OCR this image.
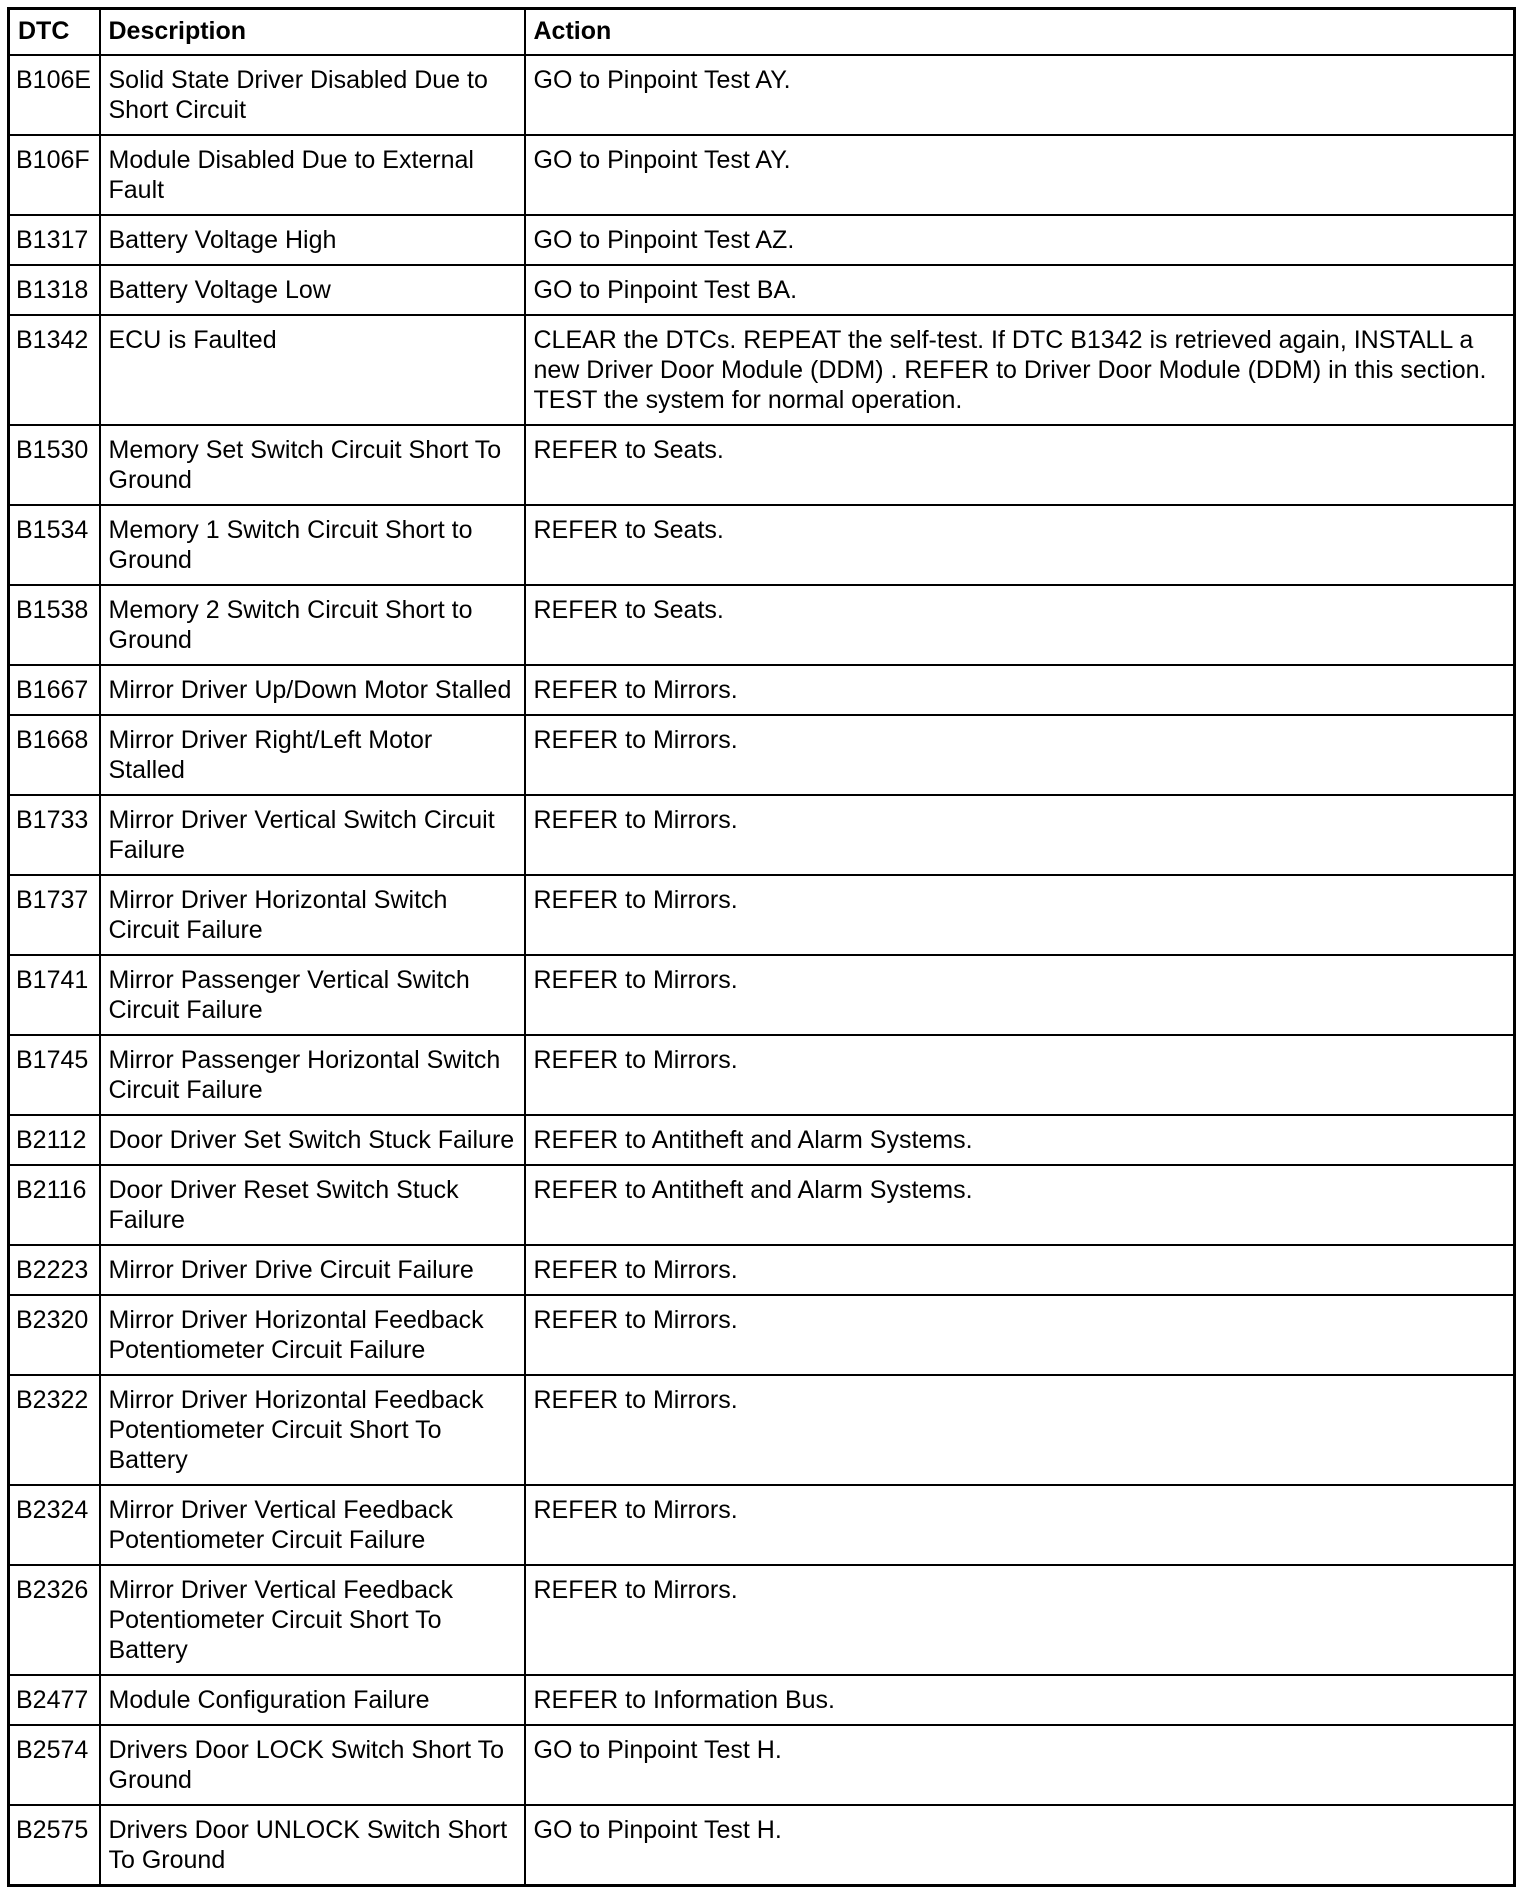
DTC	Description	Action
B106E	Solid State Driver Disabled Due to Short Circuit	GO to Pinpoint Test AY.
B106F	Module Disabled Due to External Fault	GO to Pinpoint Test AY.
B1317	Battery Voltage High	GO to Pinpoint Test AZ.
B1318	Battery Voltage Low	GO to Pinpoint Test BA.
B1342	ECU is Faulted	CLEAR the DTCs. REPEAT the self-test. If DTC B1342 is retrieved again, INSTALL a new Driver Door Module (DDM) . REFER to Driver Door Module (DDM) in this section. TEST the system for normal operation.
B1530	Memory Set Switch Circuit Short To Ground	REFER to Seats.
B1534	Memory 1 Switch Circuit Short to Ground	REFER to Seats.
B1538	Memory 2 Switch Circuit Short to Ground	REFER to Seats.
B1667	Mirror Driver Up/Down Motor Stalled	REFER to Mirrors.
B1668	Mirror Driver Right/Left Motor Stalled	REFER to Mirrors.
B1733	Mirror Driver Vertical Switch Circuit Failure	REFER to Mirrors.
B1737	Mirror Driver Horizontal Switch Circuit Failure	REFER to Mirrors.
B1741	Mirror Passenger Vertical Switch Circuit Failure	REFER to Mirrors.
B1745	Mirror Passenger Horizontal Switch Circuit Failure	REFER to Mirrors.
B2112	Door Driver Set Switch Stuck Failure	REFER to Antitheft and Alarm Systems.
B2116	Door Driver Reset Switch Stuck Failure	REFER to Antitheft and Alarm Systems.
B2223	Mirror Driver Drive Circuit Failure	REFER to Mirrors.
B2320	Mirror Driver Horizontal Feedback Potentiometer Circuit Failure	REFER to Mirrors.
B2322	Mirror Driver Horizontal Feedback Potentiometer Circuit Short To Battery	REFER to Mirrors.
B2324	Mirror Driver Vertical Feedback Potentiometer Circuit Failure	REFER to Mirrors.
B2326	Mirror Driver Vertical Feedback Potentiometer Circuit Short To Battery	REFER to Mirrors.
B2477	Module Configuration Failure	REFER to Information Bus.
B2574	Drivers Door LOCK Switch Short To Ground	GO to Pinpoint Test H.
B2575	Drivers Door UNLOCK Switch Short To Ground	GO to Pinpoint Test H.
